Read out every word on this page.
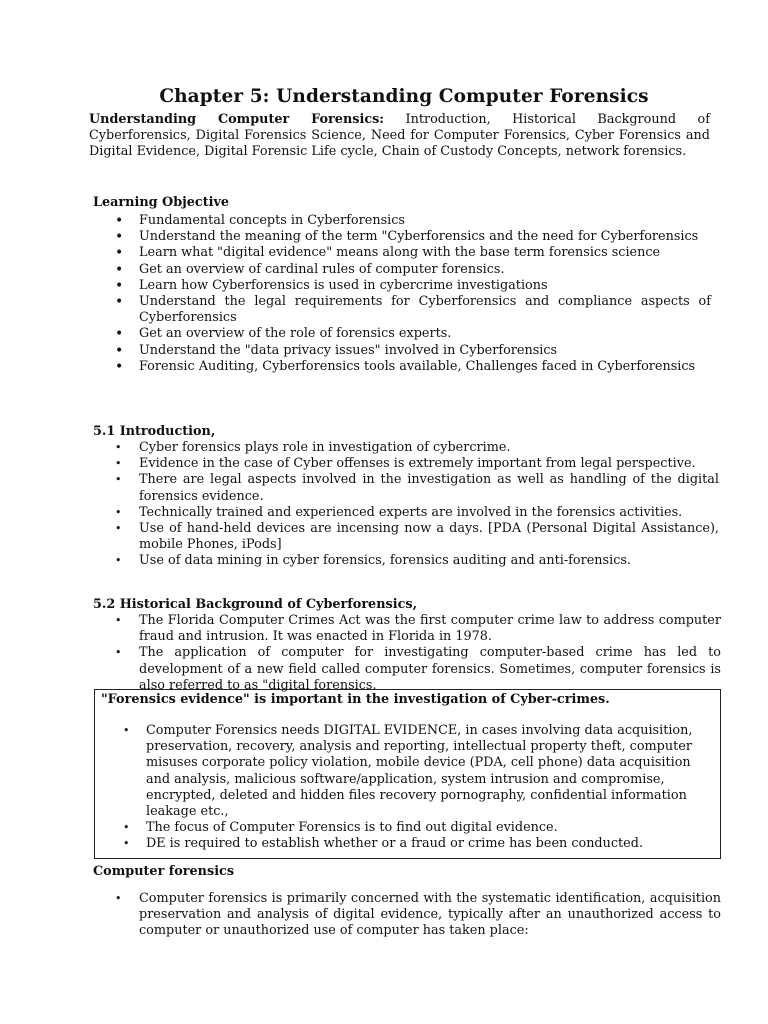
Chapter 5: Understanding Computer Forensics

Understanding Computer Forensics: Introduction, Historical Background of Cyberforensics, Digital Forensics Science, Need for Computer Forensics, Cyber Forensics and Digital Evidence, Digital Forensic Life cycle, Chain of Custody Concepts, network forensics.

Learning Objective

• Fundamental concepts in Cyberforensics
• Understand the meaning of the term "Cyberforensics and the need for Cyberforensics
• Learn what "digital evidence" means along with the base term forensics science
• Get an overview of cardinal rules of computer forensics.
• Learn how Cyberforensics is used in cybercrime investigations
• Understand the legal requirements for Cyberforensics and compliance aspects of Cyberforensics
• Get an overview of the role of forensics experts.
• Understand the "data privacy issues" involved in Cyberforensics
• Forensic Auditing, Cyberforensics tools available, Challenges faced in Cyberforensics

5.1 Introduction,

• Cyber forensics plays role in investigation of cybercrime.
• Evidence in the case of Cyber offenses is extremely important from legal perspective.
• There are legal aspects involved in the investigation as well as handling of the digital forensics evidence.
• Technically trained and experienced experts are involved in the forensics activities.
• Use of hand-held devices are incensing now a days. [PDA (Personal Digital Assistance), mobile Phones, iPods]
• Use of data mining in cyber forensics, forensics auditing and anti-forensics.

5.2 Historical Background of Cyberforensics,

• The Florida Computer Crimes Act was the first computer crime law to address computer fraud and intrusion. It was enacted in Florida in 1978.
• The application of computer for investigating computer-based crime has led to development of a new field called computer forensics. Sometimes, computer forensics is also referred to as "digital forensics.

"Forensics evidence" is important in the investigation of Cyber-crimes.

• Computer Forensics needs DIGITAL EVIDENCE, in cases involving data acquisition, preservation, recovery, analysis and reporting, intellectual property theft, computer misuses corporate policy violation, mobile device (PDA, cell phone) data acquisition and analysis, malicious software/application, system intrusion and compromise, encrypted, deleted and hidden files recovery pornography, confidential information leakage etc.,
• The focus of Computer Forensics is to find out digital evidence.
• DE is required to establish whether or a fraud or crime has been conducted.

Computer forensics

• Computer forensics is primarily concerned with the systematic identification, acquisition preservation and analysis of digital evidence, typically after an unauthorized access to computer or unauthorized use of computer has taken place:
